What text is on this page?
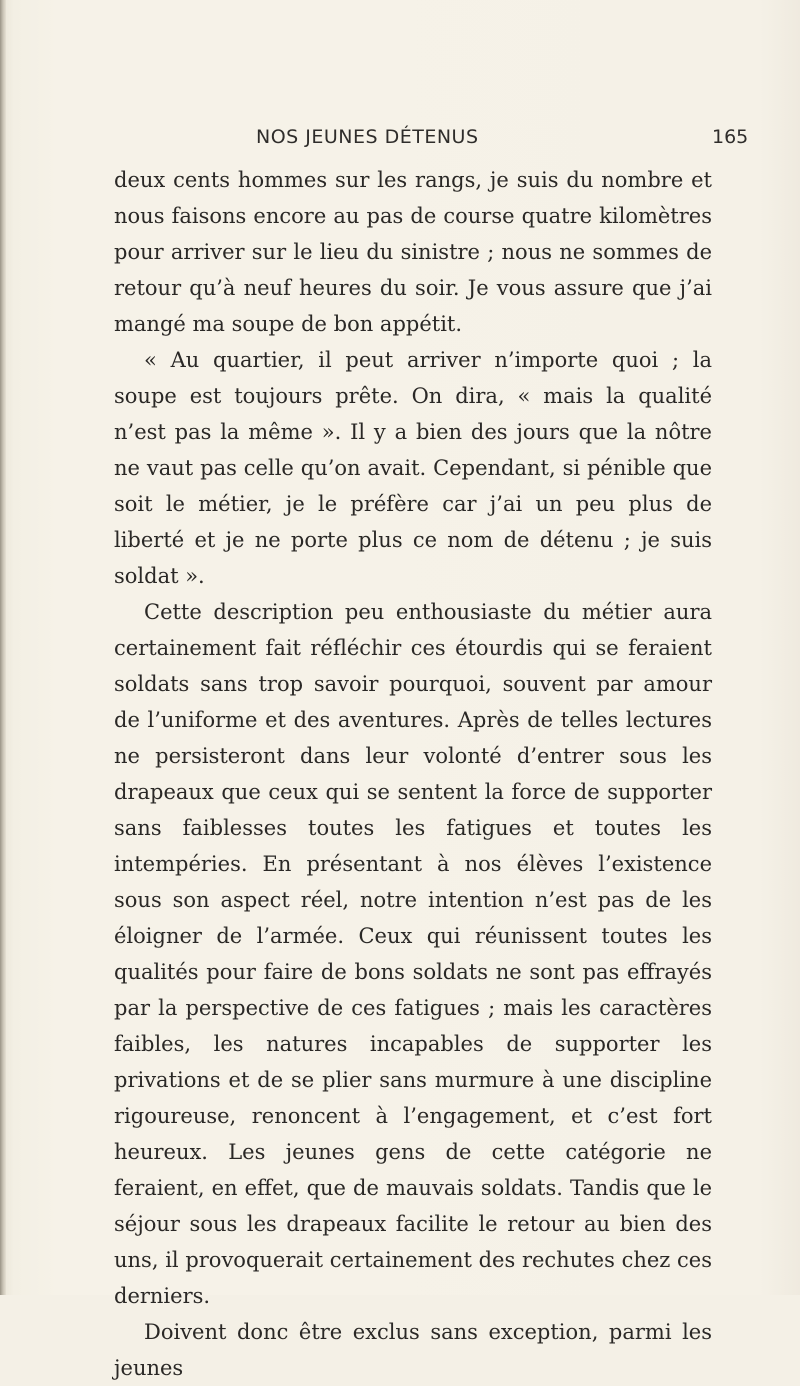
NOS JEUNES DÉTENUS	165

deux cents hommes sur les rangs, je suis du nombre et nous faisons encore au pas de course quatre kilomètres pour arriver sur le lieu du sinistre ; nous ne sommes de retour qu’à neuf heures du soir. Je vous assure que j’ai mangé ma soupe de bon appétit.

« Au quartier, il peut arriver n’importe quoi ; la soupe est toujours prête. On dira, « mais la qualité n’est pas la même ». Il y a bien des jours que la nôtre ne vaut pas celle qu’on avait. Cependant, si pénible que soit le métier, je le préfère car j’ai un peu plus de liberté et je ne porte plus ce nom de détenu ; je suis soldat ».

Cette description peu enthousiaste du métier aura certainement fait réfléchir ces étourdis qui se feraient soldats sans trop savoir pourquoi, souvent par amour de l’uniforme et des aventures. Après de telles lectures ne persisteront dans leur volonté d’entrer sous les drapeaux que ceux qui se sentent la force de supporter sans faiblesses toutes les fatigues et toutes les intempéries. En présentant à nos élèves l’existence sous son aspect réel, notre intention n’est pas de les éloigner de l’armée. Ceux qui réunissent toutes les qualités pour faire de bons soldats ne sont pas effrayés par la perspective de ces fatigues ; mais les caractères faibles, les natures incapables de supporter les privations et de se plier sans murmure à une discipline rigoureuse, renoncent à l’engagement, et c’est fort heureux. Les jeunes gens de cette catégorie ne feraient, en effet, que de mauvais soldats. Tandis que le séjour sous les drapeaux facilite le retour au bien des uns, il provoquerait certainement des rechutes chez ces derniers.

Doivent donc être exclus sans exception, parmi les jeunes
